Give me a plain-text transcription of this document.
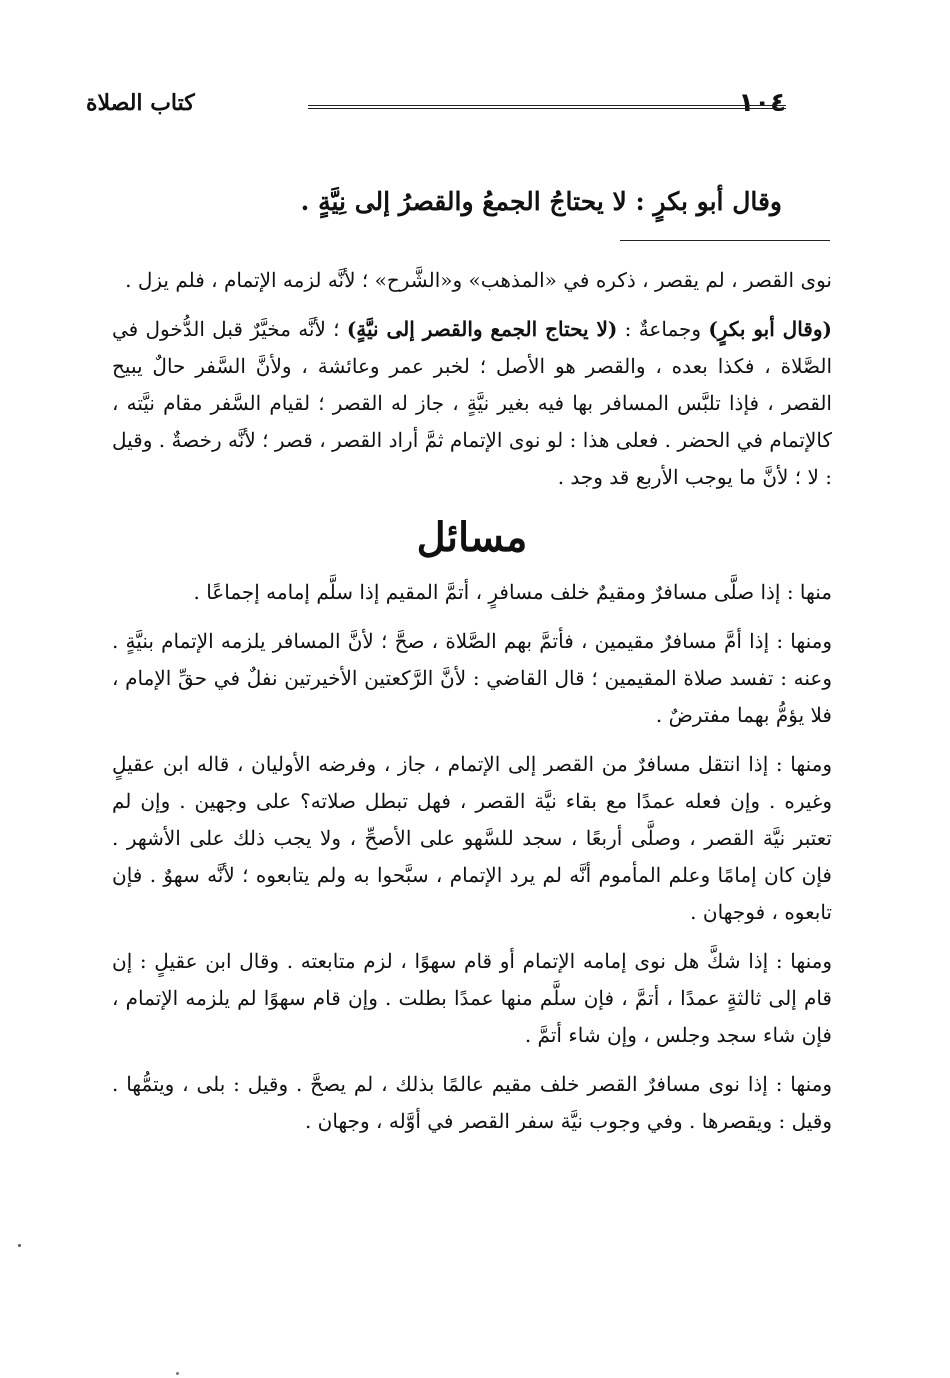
١٠٤
كتاب الصلاة
وقال أبو بكرٍ : لا يحتاجُ الجمعُ والقصرُ إلى نِيَّةٍ .

نوى القصر ، لم يقصر ، ذكره في «المذهب» و«الشَّرح» ؛ لأنَّه لزمه الإتمام ، فلم يزل .

(وقال أبو بكرٍ) وجماعةٌ : (لا يحتاج الجمع والقصر إلى نيَّةٍ) ؛ لأنَّه مخيَّرٌ قبل الدُّخول في الصَّلاة ، فكذا بعده ، والقصر هو الأصل ؛ لخبر عمر وعائشة ، ولأنَّ السَّفر حالٌ يبيح القصر ، فإذا تلبَّس المسافر بها فيه بغير نيَّةٍ ، جاز له القصر ؛ لقيام السَّفر مقام نيَّته ، كالإتمام في الحضر . فعلى هذا : لو نوى الإتمام ثمَّ أراد القصر ، قصر ؛ لأنَّه رخصةٌ . وقيل : لا ؛ لأنَّ ما يوجب الأربع قد وجد .

مسائل

منها : إذا صلَّى مسافرٌ ومقيمٌ خلف مسافرٍ ، أتمَّ المقيم إذا سلَّم إمامه إجماعًا .

ومنها : إذا أمَّ مسافرٌ مقيمين ، فأتمَّ بهم الصَّلاة ، صحَّ ؛ لأنَّ المسافر يلزمه الإتمام بنيَّةٍ . وعنه : تفسد صلاة المقيمين ؛ قال القاضي : لأنَّ الرَّكعتين الأخيرتين نفلٌ في حقِّ الإمام ، فلا يؤمُّ بهما مفترضٌ .

ومنها : إذا انتقل مسافرٌ من القصر إلى الإتمام ، جاز ، وفرضه الأوليان ، قاله ابن عقيلٍ وغيره . وإن فعله عمدًا مع بقاء نيَّة القصر ، فهل تبطل صلاته؟ على وجهين . وإن لم تعتبر نيَّة القصر ، وصلَّى أربعًا ، سجد للسَّهو على الأصحِّ ، ولا يجب ذلك على الأشهر . فإن كان إمامًا وعلم المأموم أنَّه لم يرد الإتمام ، سبَّحوا به ولم يتابعوه ؛ لأنَّه سهوٌ . فإن تابعوه ، فوجهان .

ومنها : إذا شكَّ هل نوى إمامه الإتمام أو قام سهوًا ، لزم متابعته . وقال ابن عقيلٍ : إن قام إلى ثالثةٍ عمدًا ، أتمَّ ، فإن سلَّم منها عمدًا بطلت . وإن قام سهوًا لم يلزمه الإتمام ، فإن شاء سجد وجلس ، وإن شاء أتمَّ .

ومنها : إذا نوى مسافرٌ القصر خلف مقيم عالمًا بذلك ، لم يصحَّ . وقيل : بلى ، ويتمُّها . وقيل : ويقصرها . وفي وجوب نيَّة سفر القصر في أوَّله ، وجهان .
